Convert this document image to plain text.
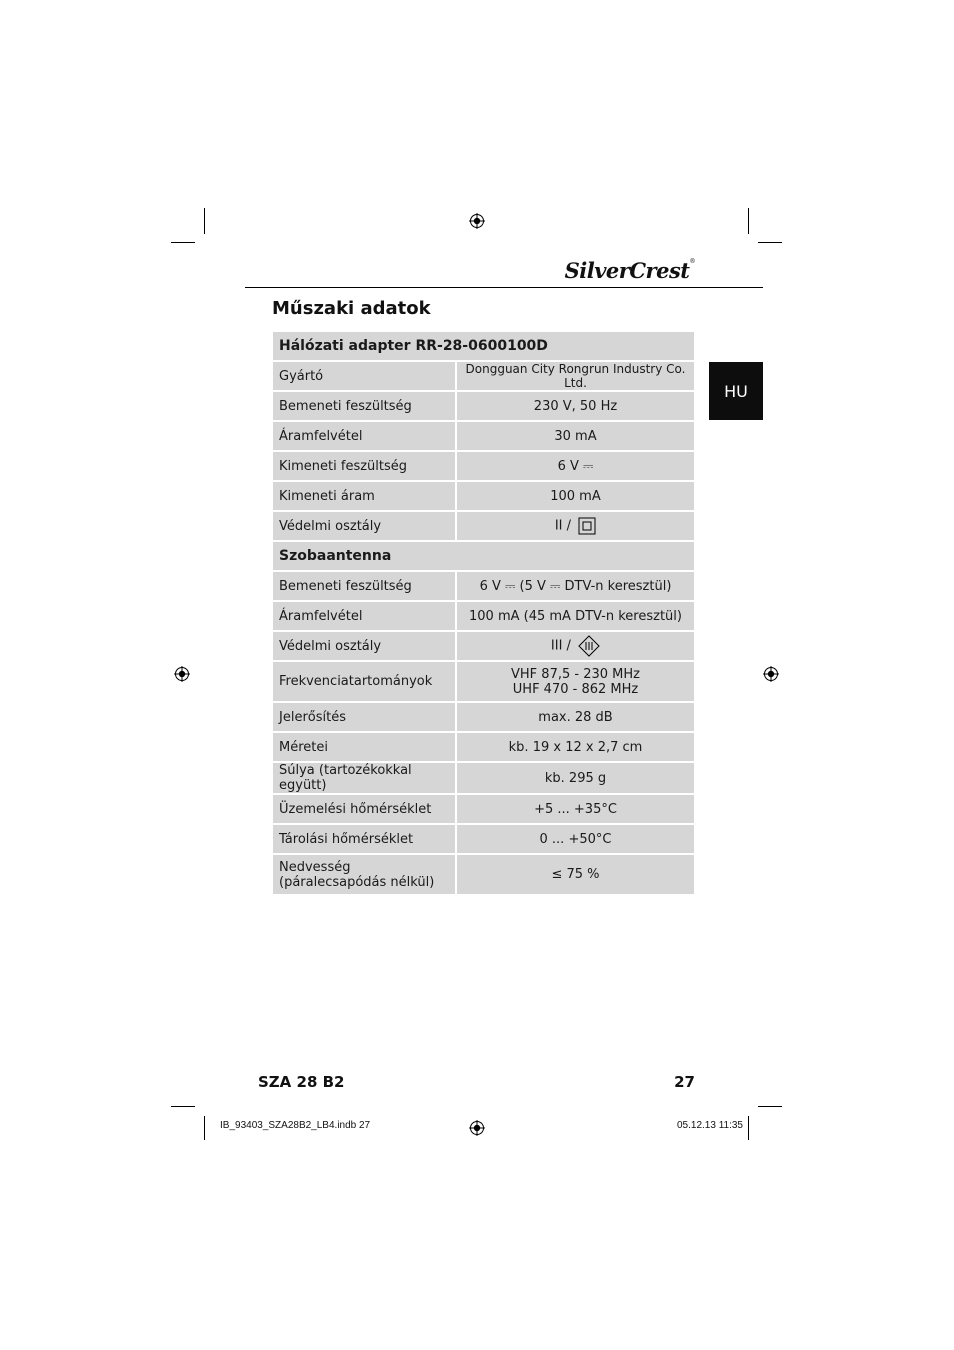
SilverCrest®
Műszaki adatok
HU
Hálózati adapter RR-28-0600100D	
Gyártó	Dongguan City Rongrun Industry Co. Ltd.
Bemeneti feszültség	230 V, 50 Hz
Áramfelvétel	30 mA
Kimeneti feszültség	6 V ⎓
Kimeneti áram	100 mA
Védelmi osztály	II /
Szobaantenna	
Bemeneti feszültség	6 V ⎓ (5 V ⎓ DTV-n keresztül)
Áramfelvétel	100 mA (45 mA DTV-n keresztül)
Védelmi osztály	III /
Frekvenciatartományok	VHF 87,5 - 230 MHz
UHF 470 - 862 MHz

Jelerősítés	max. 28 dB
Méretei	kb. 19 x 12 x 2,7 cm
Súlya (tartozékokkal együtt)	kb. 295 g
Üzemelési hőmérséklet	+5 ... +35°C
Tárolási hőmérséklet	0 ... +50°C

Nedvesség
(páralecsapódás nélkül)	≤ 75 %
SZA 28 B2	27
IB_93403_SZA28B2_LB4.indb 27	05.12.13 11:35
